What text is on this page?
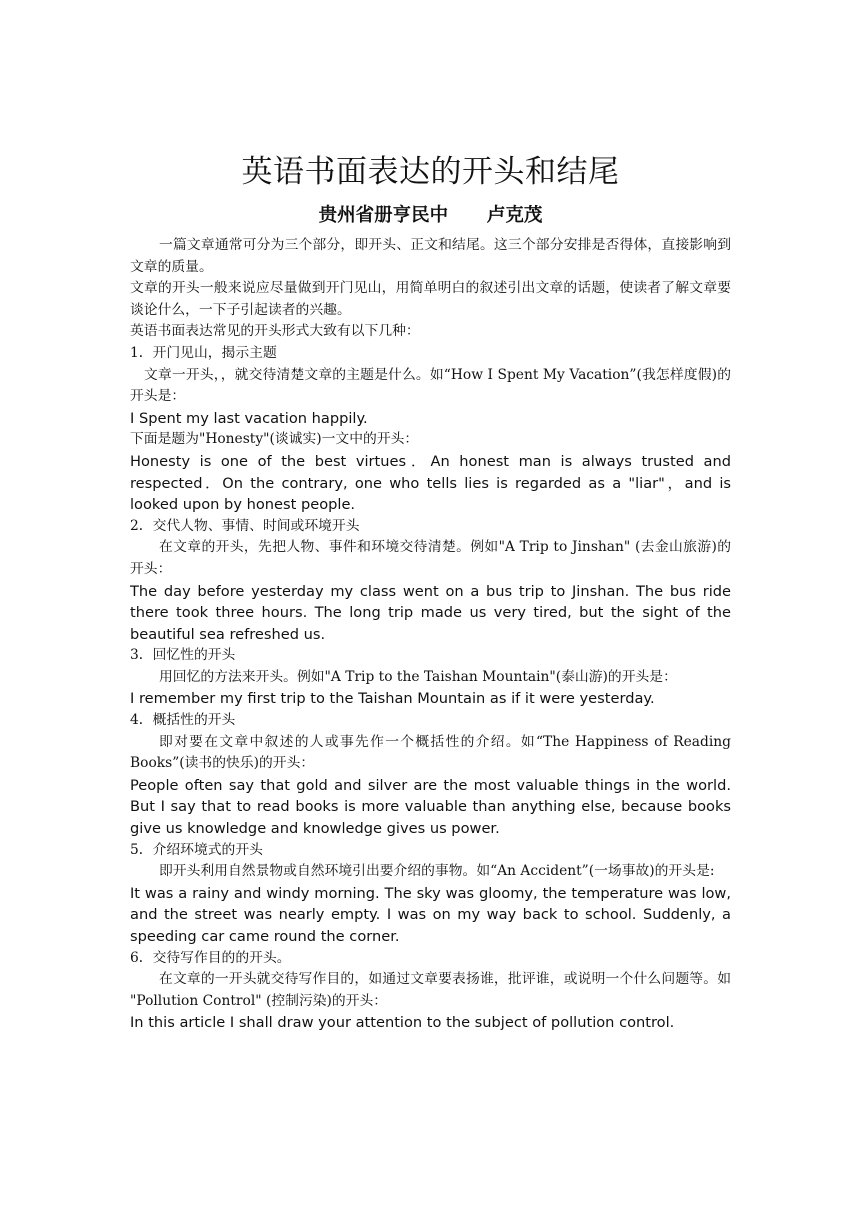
英语书面表达的开头和结尾
贵州省册亨民中      卢克茂

一篇文章通常可分为三个部分，即开头、正文和结尾。这三个部分安排是否得体，直接影响到文章的质量。

文章的开头一般来说应尽量做到开门见山，用简单明白的叙述引出文章的话题，使读者了解文章要谈论什么，一下子引起读者的兴趣。

英语书面表达常见的开头形式大致有以下几种：

1．开门见山，揭示主题

文章一开头，，就交待清楚文章的主题是什么。如“How I Spent My Vacation”(我怎样度假)的开头是：

I Spent my last vacation happily.

下面是题为"Honesty"(谈诚实)一文中的开头：

Honesty is one of the best virtues．An honest man is always trusted and respected．On the contrary, one who tells lies is regarded as a "liar"，and is looked upon by honest people.

2．交代人物、事情、时间或环境开头

在文章的开头，先把人物、事件和环境交待清楚。例如"A Trip to Jinshan" (去金山旅游)的开头：

The day before yesterday my class went on a bus trip to Jinshan. The bus ride there took three hours. The long trip made us very tired, but the sight of the beautiful sea refreshed us.

3．回忆性的开头

用回忆的方法来开头。例如"A Trip to the Taishan Mountain"(泰山游)的开头是：

I remember my first trip to the Taishan Mountain as if it were yesterday.

4．概括性的开头

即对要在文章中叙述的人或事先作一个概括性的介绍。如“The Happiness of Reading Books”(读书的快乐)的开头：

People often say that gold and silver are the most valuable things in the world. But I say that to read books is more valuable than anything else, because books give us knowledge and knowledge gives us power.

5．介绍环境式的开头

即开头利用自然景物或自然环境引出要介绍的事物。如“An Accident”(一场事故)的开头是:

It was a rainy and windy morning. The sky was gloomy, the temperature was low, and the street was nearly empty. I was on my way back to school. Suddenly, a speeding car came round the corner.

6．交待写作目的的开头。

在文章的一开头就交待写作目的，如通过文章要表扬谁，批评谁，或说明一个什么问题等。如 "Pollution Control" (控制污染)的开头：

In this article I shall draw your attention to the subject of pollution control.
